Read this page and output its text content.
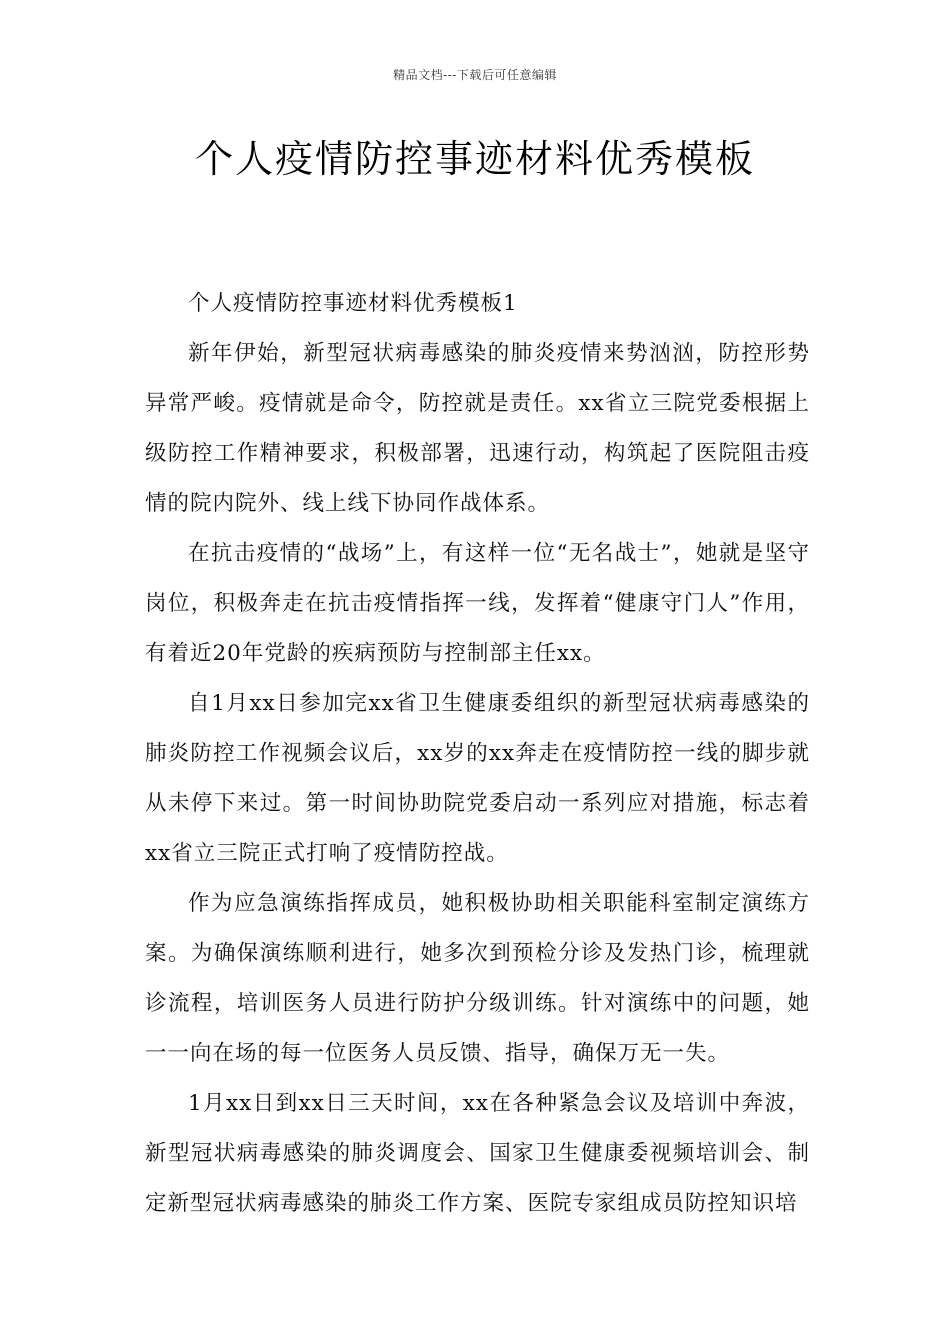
精品文档---下载后可任意编辑
个人疫情防控事迹材料优秀模板

个人疫情防控事迹材料优秀模板1

新年伊始，新型冠状病毒感染的肺炎疫情来势汹汹，防控形势异常严峻。疫情就是命令，防控就是责任。xx省立三院党委根据上级防控工作精神要求，积极部署，迅速行动，构筑起了医院阻击疫情的院内院外、线上线下协同作战体系。

在抗击疫情的“战场”上，有这样一位“无名战士”，她就是坚守岗位，积极奔走在抗击疫情指挥一线，发挥着“健康守门人”作用，有着近20年党龄的疾病预防与控制部主任xx。

自1月xx日参加完xx省卫生健康委组织的新型冠状病毒感染的肺炎防控工作视频会议后，xx岁的xx奔走在疫情防控一线的脚步就从未停下来过。第一时间协助院党委启动一系列应对措施，标志着xx省立三院正式打响了疫情防控战。

作为应急演练指挥成员，她积极协助相关职能科室制定演练方案。为确保演练顺利进行，她多次到预检分诊及发热门诊，梳理就诊流程，培训医务人员进行防护分级训练。针对演练中的问题，她一一向在场的每一位医务人员反馈、指导，确保万无一失。

1月xx日到xx日三天时间，xx在各种紧急会议及培训中奔波，新型冠状病毒感染的肺炎调度会、国家卫生健康委视频培训会、制定新型冠状病毒感染的肺炎工作方案、医院专家组成员防控知识培
